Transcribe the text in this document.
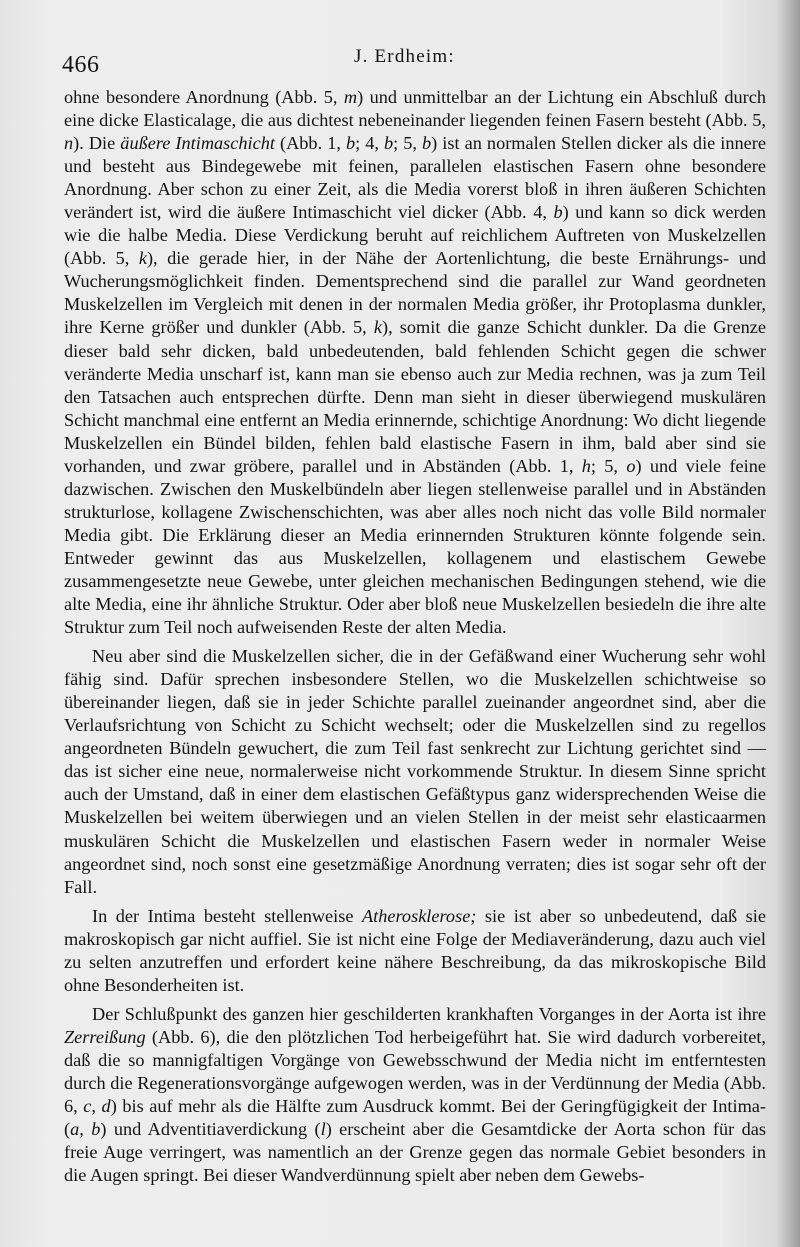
466	J. Erdheim:

ohne besondere Anordnung (Abb. 5, m) und unmittelbar an der Lichtung ein Abschluß durch eine dicke Elasticalage, die aus dichtest nebeneinander liegenden feinen Fasern besteht (Abb. 5, n). Die äußere Intimaschicht (Abb. 1, b; 4, b; 5, b) ist an normalen Stellen dicker als die innere und besteht aus Bindegewebe mit feinen, parallelen elastischen Fasern ohne besondere Anordnung. Aber schon zu einer Zeit, als die Media vorerst bloß in ihren äußeren Schichten verändert ist, wird die äußere Intimaschicht viel dicker (Abb. 4, b) und kann so dick werden wie die halbe Media. Diese Verdickung beruht auf reichlichem Auftreten von Muskelzellen (Abb. 5, k), die gerade hier, in der Nähe der Aortenlichtung, die beste Ernährungs- und Wucherungsmöglichkeit finden. Dementsprechend sind die parallel zur Wand geordneten Muskelzellen im Vergleich mit denen in der normalen Media größer, ihr Protoplasma dunkler, ihre Kerne größer und dunkler (Abb. 5, k), somit die ganze Schicht dunkler. Da die Grenze dieser bald sehr dicken, bald unbedeutenden, bald fehlenden Schicht gegen die schwer veränderte Media unscharf ist, kann man sie ebenso auch zur Media rechnen, was ja zum Teil den Tatsachen auch entsprechen dürfte. Denn man sieht in dieser überwiegend muskulären Schicht manchmal eine entfernt an Media erinnernde, schichtige Anordnung: Wo dicht liegende Muskelzellen ein Bündel bilden, fehlen bald elastische Fasern in ihm, bald aber sind sie vorhanden, und zwar gröbere, parallel und in Abständen (Abb. 1, h; 5, o) und viele feine dazwischen. Zwischen den Muskelbündeln aber liegen stellenweise parallel und in Abständen strukturlose, kollagene Zwischenschichten, was aber alles noch nicht das volle Bild normaler Media gibt. Die Erklärung dieser an Media erinnernden Strukturen könnte folgende sein. Entweder gewinnt das aus Muskelzellen, kollagenem und elastischem Gewebe zusammengesetzte neue Gewebe, unter gleichen mechanischen Bedingungen stehend, wie die alte Media, eine ihr ähnliche Struktur. Oder aber bloß neue Muskelzellen besiedeln die ihre alte Struktur zum Teil noch aufweisenden Reste der alten Media.

Neu aber sind die Muskelzellen sicher, die in der Gefäßwand einer Wucherung sehr wohl fähig sind. Dafür sprechen insbesondere Stellen, wo die Muskelzellen schichtweise so übereinander liegen, daß sie in jeder Schichte parallel zueinander angeordnet sind, aber die Verlaufsrichtung von Schicht zu Schicht wechselt; oder die Muskelzellen sind zu regellos angeordneten Bündeln gewuchert, die zum Teil fast senkrecht zur Lichtung gerichtet sind — das ist sicher eine neue, normalerweise nicht vorkommende Struktur. In diesem Sinne spricht auch der Umstand, daß in einer dem elastischen Gefäßtypus ganz widersprechenden Weise die Muskelzellen bei weitem überwiegen und an vielen Stellen in der meist sehr elasticaarmen muskulären Schicht die Muskelzellen und elastischen Fasern weder in normaler Weise angeordnet sind, noch sonst eine gesetzmäßige Anordnung verraten; dies ist sogar sehr oft der Fall.

In der Intima besteht stellenweise Atherosklerose; sie ist aber so unbedeutend, daß sie makroskopisch gar nicht auffiel. Sie ist nicht eine Folge der Mediaveränderung, dazu auch viel zu selten anzutreffen und erfordert keine nähere Beschreibung, da das mikroskopische Bild ohne Besonderheiten ist.

Der Schlußpunkt des ganzen hier geschilderten krankhaften Vorganges in der Aorta ist ihre Zerreißung (Abb. 6), die den plötzlichen Tod herbeigeführt hat. Sie wird dadurch vorbereitet, daß die so mannigfaltigen Vorgänge von Gewebsschwund der Media nicht im entferntesten durch die Regenerationsvorgänge aufgewogen werden, was in der Verdünnung der Media (Abb. 6, c, d) bis auf mehr als die Hälfte zum Ausdruck kommt. Bei der Geringfügigkeit der Intima- (a, b) und Adventitiaverdickung (l) erscheint aber die Gesamtdicke der Aorta schon für das freie Auge verringert, was namentlich an der Grenze gegen das normale Gebiet besonders in die Augen springt. Bei dieser Wandverdünnung spielt aber neben dem Gewebs-
